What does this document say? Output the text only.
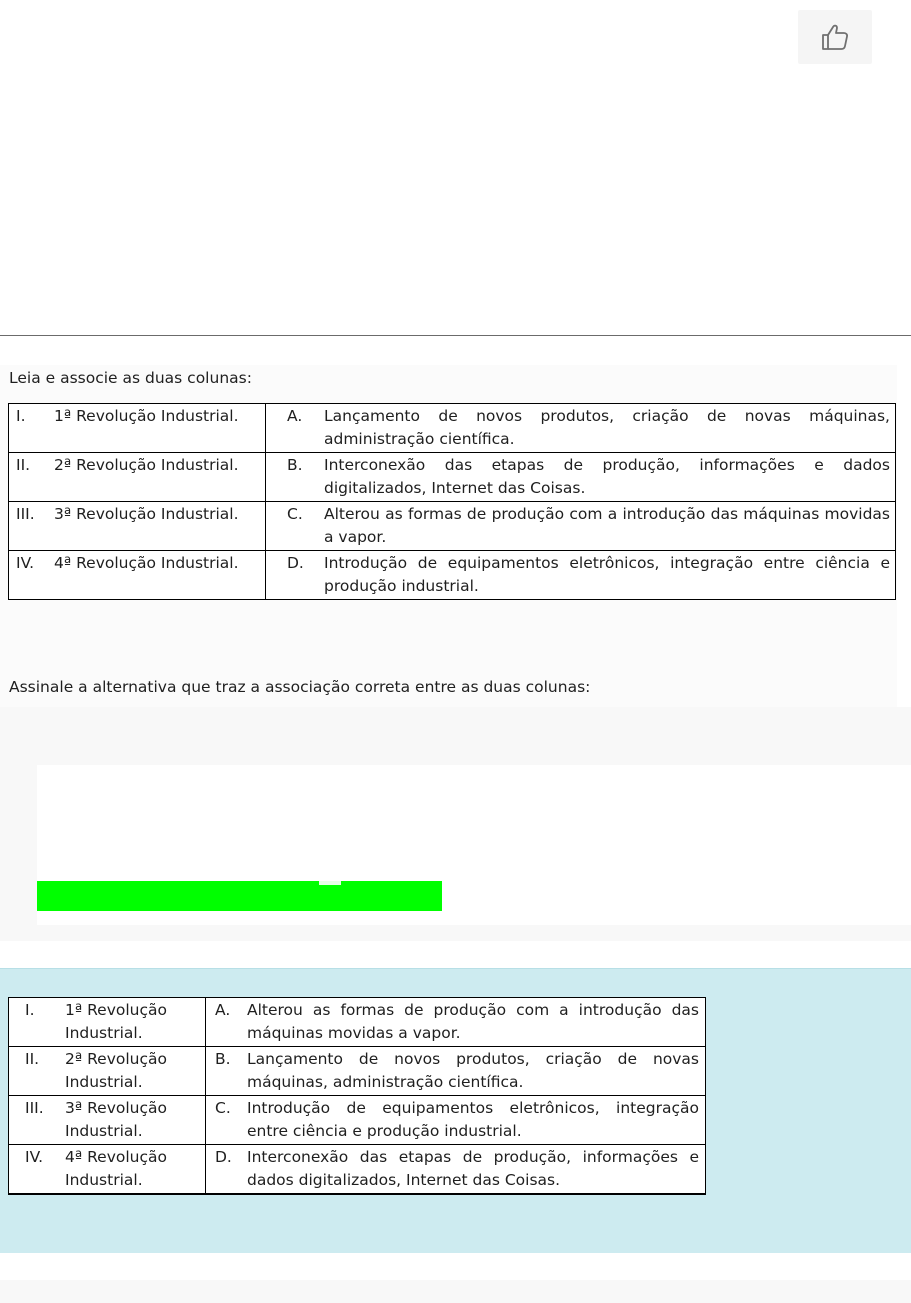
Leia e associe as duas colunas:
I. 1ª Revolução Industrial.	A. Lançamento de novos produtos, criação de novas máquinas, administração científica.

II. 2ª Revolução Industrial.	B. Interconexão das etapas de produção, informações e dados digitalizados, Internet das Coisas.

III. 3ª Revolução Industrial.	C. Alterou as formas de produção com a introdução das máquinas movidas a vapor.

IV. 4ª Revolução Industrial.	D. Introdução de equipamentos eletrônicos, integração entre ciência e produção industrial.
Assinale a alternativa que traz a associação correta entre as duas colunas:
I. 1ª Revolução Industrial.	A. Alterou as formas de produção com a introdução das máquinas movidas a vapor.

II. 2ª Revolução Industrial.	B. Lançamento de novos produtos, criação de novas máquinas, administração científica.

III. 3ª Revolução Industrial.	C. Introdução de equipamentos eletrônicos, integração entre ciência e produção industrial.

IV. 4ª Revolução Industrial.	D. Interconexão das etapas de produção, informações e dados digitalizados, Internet das Coisas.
